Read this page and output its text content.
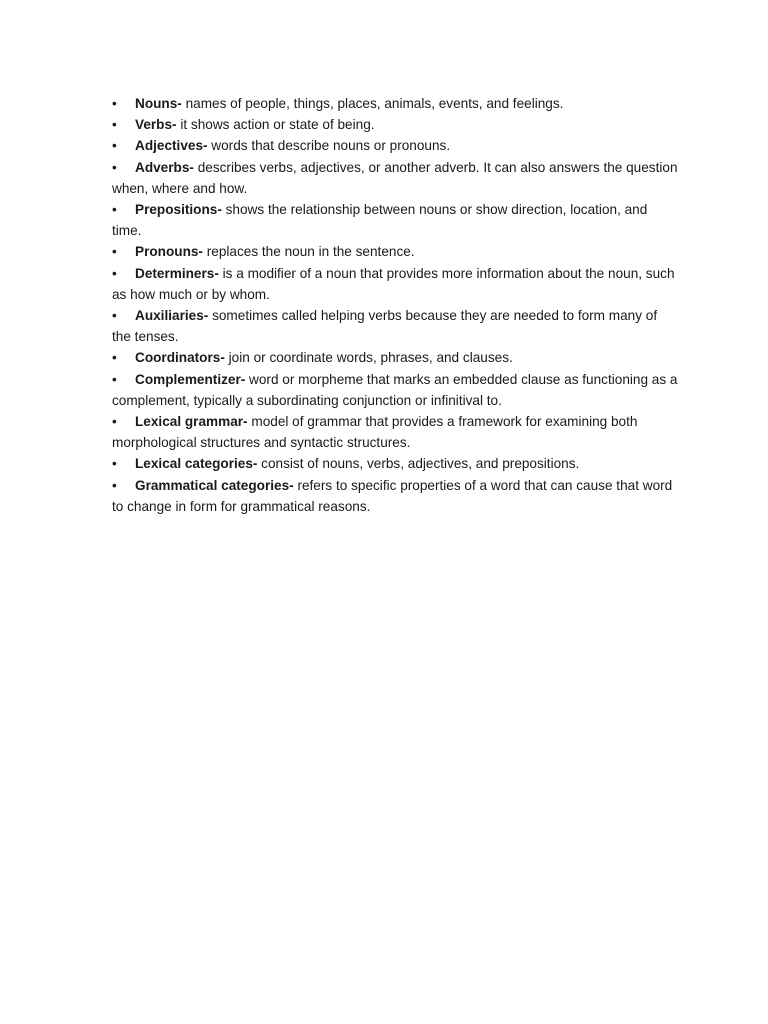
• Nouns- names of people, things, places, animals, events, and feelings.
• Verbs- it shows action or state of being.
• Adjectives- words that describe nouns or pronouns.
• Adverbs- describes verbs, adjectives, or another adverb. It can also answers the question when, where and how.
• Prepositions- shows the relationship between nouns or show direction, location, and time.
• Pronouns- replaces the noun in the sentence.
• Determiners- is a modifier of a noun that provides more information about the noun, such as how much or by whom.
• Auxiliaries- sometimes called helping verbs because they are needed to form many of the tenses.
• Coordinators- join or coordinate words, phrases, and clauses.
• Complementizer- word or morpheme that marks an embedded clause as functioning as a complement, typically a subordinating conjunction or infinitival to.
• Lexical grammar- model of grammar that provides a framework for examining both morphological structures and syntactic structures.
• Lexical categories- consist of nouns, verbs, adjectives, and prepositions.
• Grammatical categories- refers to specific properties of a word that can cause that word to change in form for grammatical reasons.
